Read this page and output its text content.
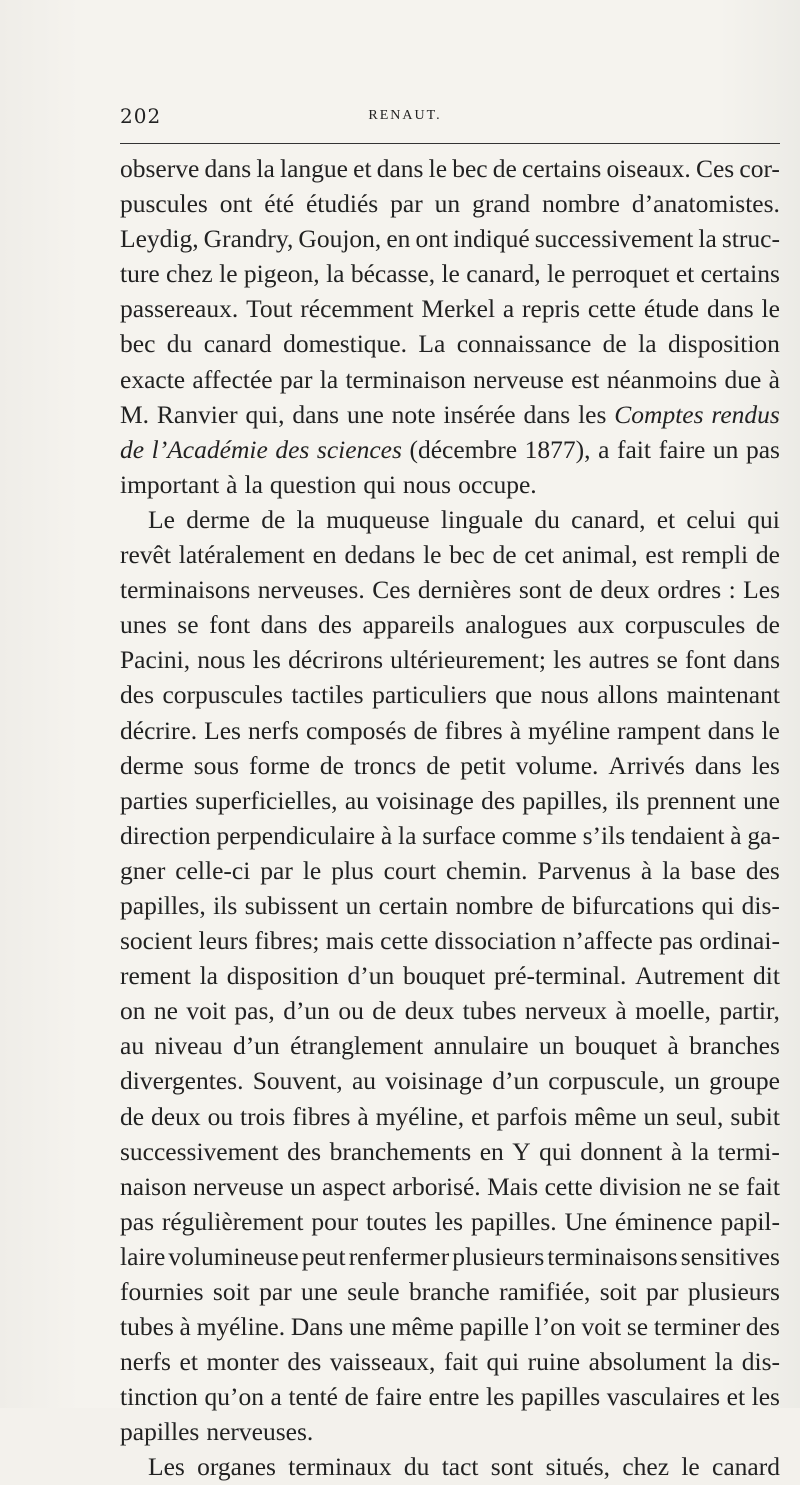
202	RENAUT.
observe dans la langue et dans le bec de certains oiseaux. Ces cor-
puscules ont été étudiés par un grand nombre d’anatomistes.
Leydig, Grandry, Goujon, en ont indiqué successivement la struc-
ture chez le pigeon, la bécasse, le canard, le perroquet et certains
passereaux. Tout récemment Merkel a repris cette étude dans le
bec du canard domestique. La connaissance de la disposition
exacte affectée par la terminaison nerveuse est néanmoins due à
M. Ranvier qui, dans une note insérée dans les Comptes rendus
de l’Académie des sciences (décembre 1877), a fait faire un pas
important à la question qui nous occupe.
Le derme de la muqueuse linguale du canard, et celui qui
revêt latéralement en dedans le bec de cet animal, est rempli de
terminaisons nerveuses. Ces dernières sont de deux ordres : Les
unes se font dans des appareils analogues aux corpuscules de
Pacini, nous les décrirons ultérieurement; les autres se font dans
des corpuscules tactiles particuliers que nous allons maintenant
décrire. Les nerfs composés de fibres à myéline rampent dans le
derme sous forme de troncs de petit volume. Arrivés dans les
parties superficielles, au voisinage des papilles, ils prennent une
direction perpendiculaire à la surface comme s’ils tendaient à ga-
gner celle-ci par le plus court chemin. Parvenus à la base des
papilles, ils subissent un certain nombre de bifurcations qui dis-
socient leurs fibres; mais cette dissociation n’affecte pas ordinai-
rement la disposition d’un bouquet pré-terminal. Autrement dit
on ne voit pas, d’un ou de deux tubes nerveux à moelle, partir,
au niveau d’un étranglement annulaire un bouquet à branches
divergentes. Souvent, au voisinage d’un corpuscule, un groupe
de deux ou trois fibres à myéline, et parfois même un seul, subit
successivement des branchements en Y qui donnent à la termi-
naison nerveuse un aspect arborisé. Mais cette division ne se fait
pas régulièrement pour toutes les papilles. Une éminence papil-
laire volumineuse peut renfermer plusieurs terminaisons sensitives
fournies soit par une seule branche ramifiée, soit par plusieurs
tubes à myéline. Dans une même papille l’on voit se terminer des
nerfs et monter des vaisseaux, fait qui ruine absolument la dis-
tinction qu’on a tenté de faire entre les papilles vasculaires et les
papilles nerveuses.
Les organes terminaux du tact sont situés, chez le canard
